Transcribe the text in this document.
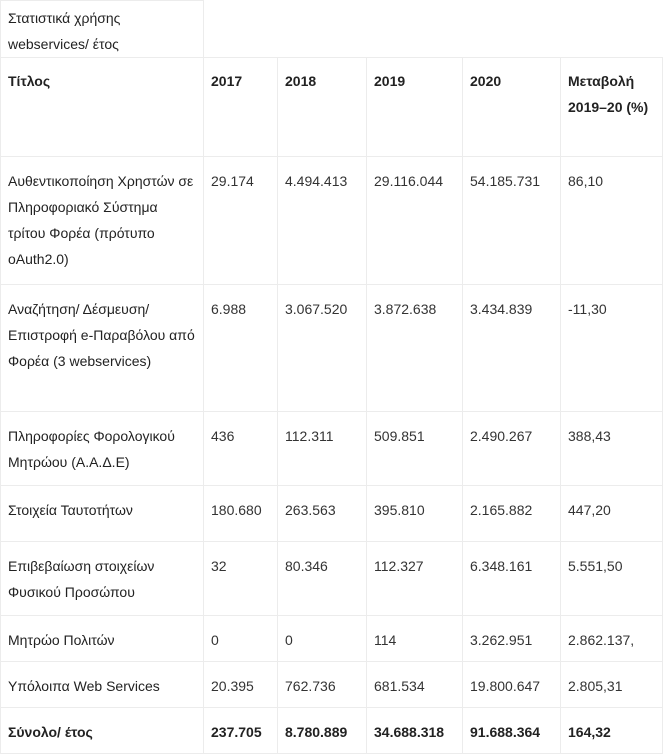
Στατιστικά χρήσης webservices/ έτος					
Τίτλος	2017	2018	2019	2020	Μεταβολή 2019–20 (%)
Αυθεντικοποίηση Χρηστών σε Πληροφοριακό Σύστημα τρίτου Φορέα (πρότυπο oAuth2.0)	29.174	4.494.413	29.116.044	54.185.731	86,10
Αναζήτηση/ Δέσμευση/ Επιστροφή e-Παραβόλου από Φορέα (3 webservices)	6.988	3.067.520	3.872.638	3.434.839	-11,30
Πληροφορίες Φορολογικού Μητρώου (Α.Α.Δ.Ε)	436	112.311	509.851	2.490.267	388,43
Στοιχεία Ταυτοτήτων	180.680	263.563	395.810	2.165.882	447,20
Επιβεβαίωση στοιχείων Φυσικού Προσώπου	32	80.346	112.327	6.348.161	5.551,50
Μητρώο Πολιτών	0	0	114	3.262.951	2.862.137,
Υπόλοιπα Web Services	20.395	762.736	681.534	19.800.647	2.805,31
Σύνολο/ έτος	237.705	8.780.889	34.688.318	91.688.364	164,32
